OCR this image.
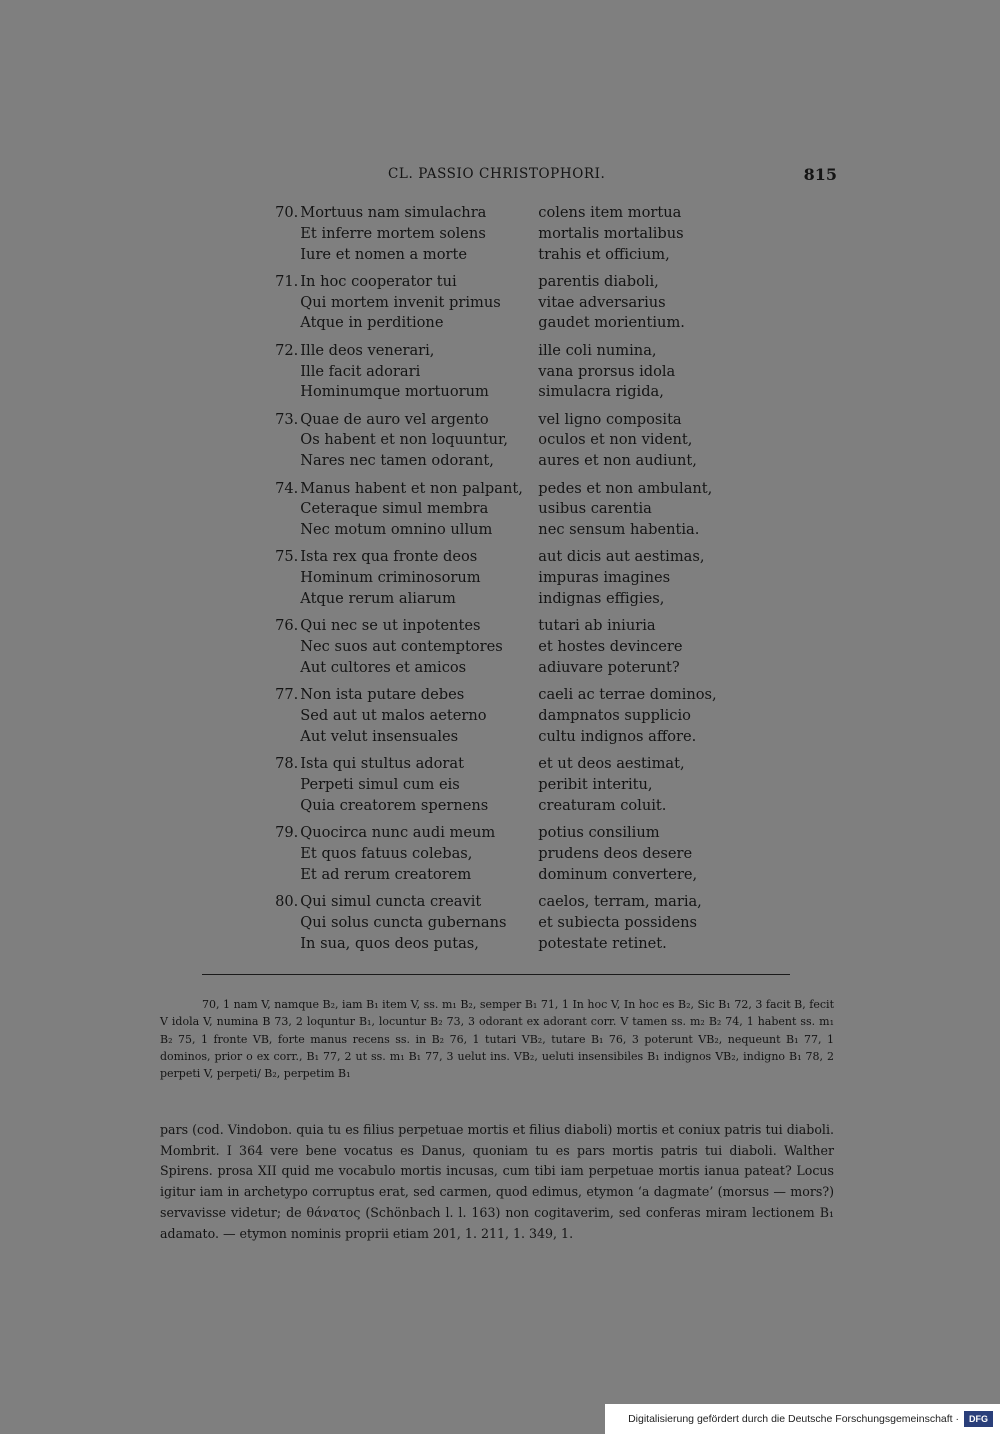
CL. PASSIO CHRISTOPHORI.	815
70. Mortuus nam simulachra	colens item mortua
Et inferre mortem solens	mortalis mortalibus
Iure et nomen a morte	trahis et officium,
71. In hoc cooperator tui	parentis diaboli,
Qui mortem invenit primus	vitae adversarius
Atque in perditione	gaudet morientium.
72. Ille deos venerari,	ille coli numina,
Ille facit adorari	vana prorsus idola
Hominumque mortuorum	simulacra rigida,
73. Quae de auro vel argento	vel ligno composita
Os habent et non loquuntur,	oculos et non vident,
Nares nec tamen odorant,	aures et non audiunt,
74. Manus habent et non palpant,	pedes et non ambulant,
Ceteraque simul membra	usibus carentia
Nec motum omnino ullum	nec sensum habentia.
75. Ista rex qua fronte deos	aut dicis aut aestimas,
Hominum criminosorum	impuras imagines
Atque rerum aliarum	indignas effigies,
76. Qui nec se ut inpotentes	tutari ab iniuria
Nec suos aut contemptores	et hostes devincere
Aut cultores et amicos	adiuvare poterunt?
77. Non ista putare debes	caeli ac terrae dominos,
Sed aut ut malos aeterno	dampnatos supplicio
Aut velut insensuales	cultu indignos affore.
78. Ista qui stultus adorat	et ut deos aestimat,
Perpeti simul cum eis	peribit interitu,
Quia creatorem spernens	creaturam coluit.
79. Quocirca nunc audi meum	potius consilium
Et quos fatuus colebas,	prudens deos desere
Et ad rerum creatorem	dominum convertere,
80. Qui simul cuncta creavit	caelos, terram, maria,
Qui solus cuncta gubernans	et subiecta possidens
In sua, quos deos putas,	potestate retinet.
70, 1 nam V, namque B₂, iam B₁ item V, ss. m₁ B₂, semper B₁ 71, 1 In hoc V, In hoc es B₂, Sic B₁ 72, 3 facit B, fecit V idola V, numina B 73, 2 loquntur B₁, locuntur B₂ 73, 3 odorant ex adorant corr. V tamen ss. m₂ B₂ 74, 1 habent ss. m₁ B₂ 75, 1 fronte VB, forte manus recens ss. in B₂ 76, 1 tutari VB₂, tutare B₁ 76, 3 poterunt VB₂, nequeunt B₁ 77, 1 dominos, prior o ex corr., B₁ 77, 2 ut ss. m₁ B₁ 77, 3 uelut ins. VB₂, ueluti insensibiles B₁ indignos VB₂, indigno B₁ 78, 2 perpeti V, perpeti/ B₂, perpetim B₁
pars (cod. Vindobon. quia tu es filius perpetuae mortis et filius diaboli) mortis et coniux patris tui diaboli. Mombrit. I 364 vere bene vocatus es Danus, quoniam tu es pars mortis patris tui diaboli. Walther Spirens. prosa XII quid me vocabulo mortis incusas, cum tibi iam perpetuae mortis ianua pateat? Locus igitur iam in archetypo corruptus erat, sed carmen, quod edimus, etymon ‘a dagmate’ (morsus — mors?) servavisse videtur; de θάνατος (Schönbach l. l. 163) non cogitaverim, sed conferas miram lectionem B₁ adamato. — etymon nominis proprii etiam 201, 1. 211, 1. 349, 1.
Digitalisierung gefördert durch die Deutsche Forschungsgemeinschaft · DFG
